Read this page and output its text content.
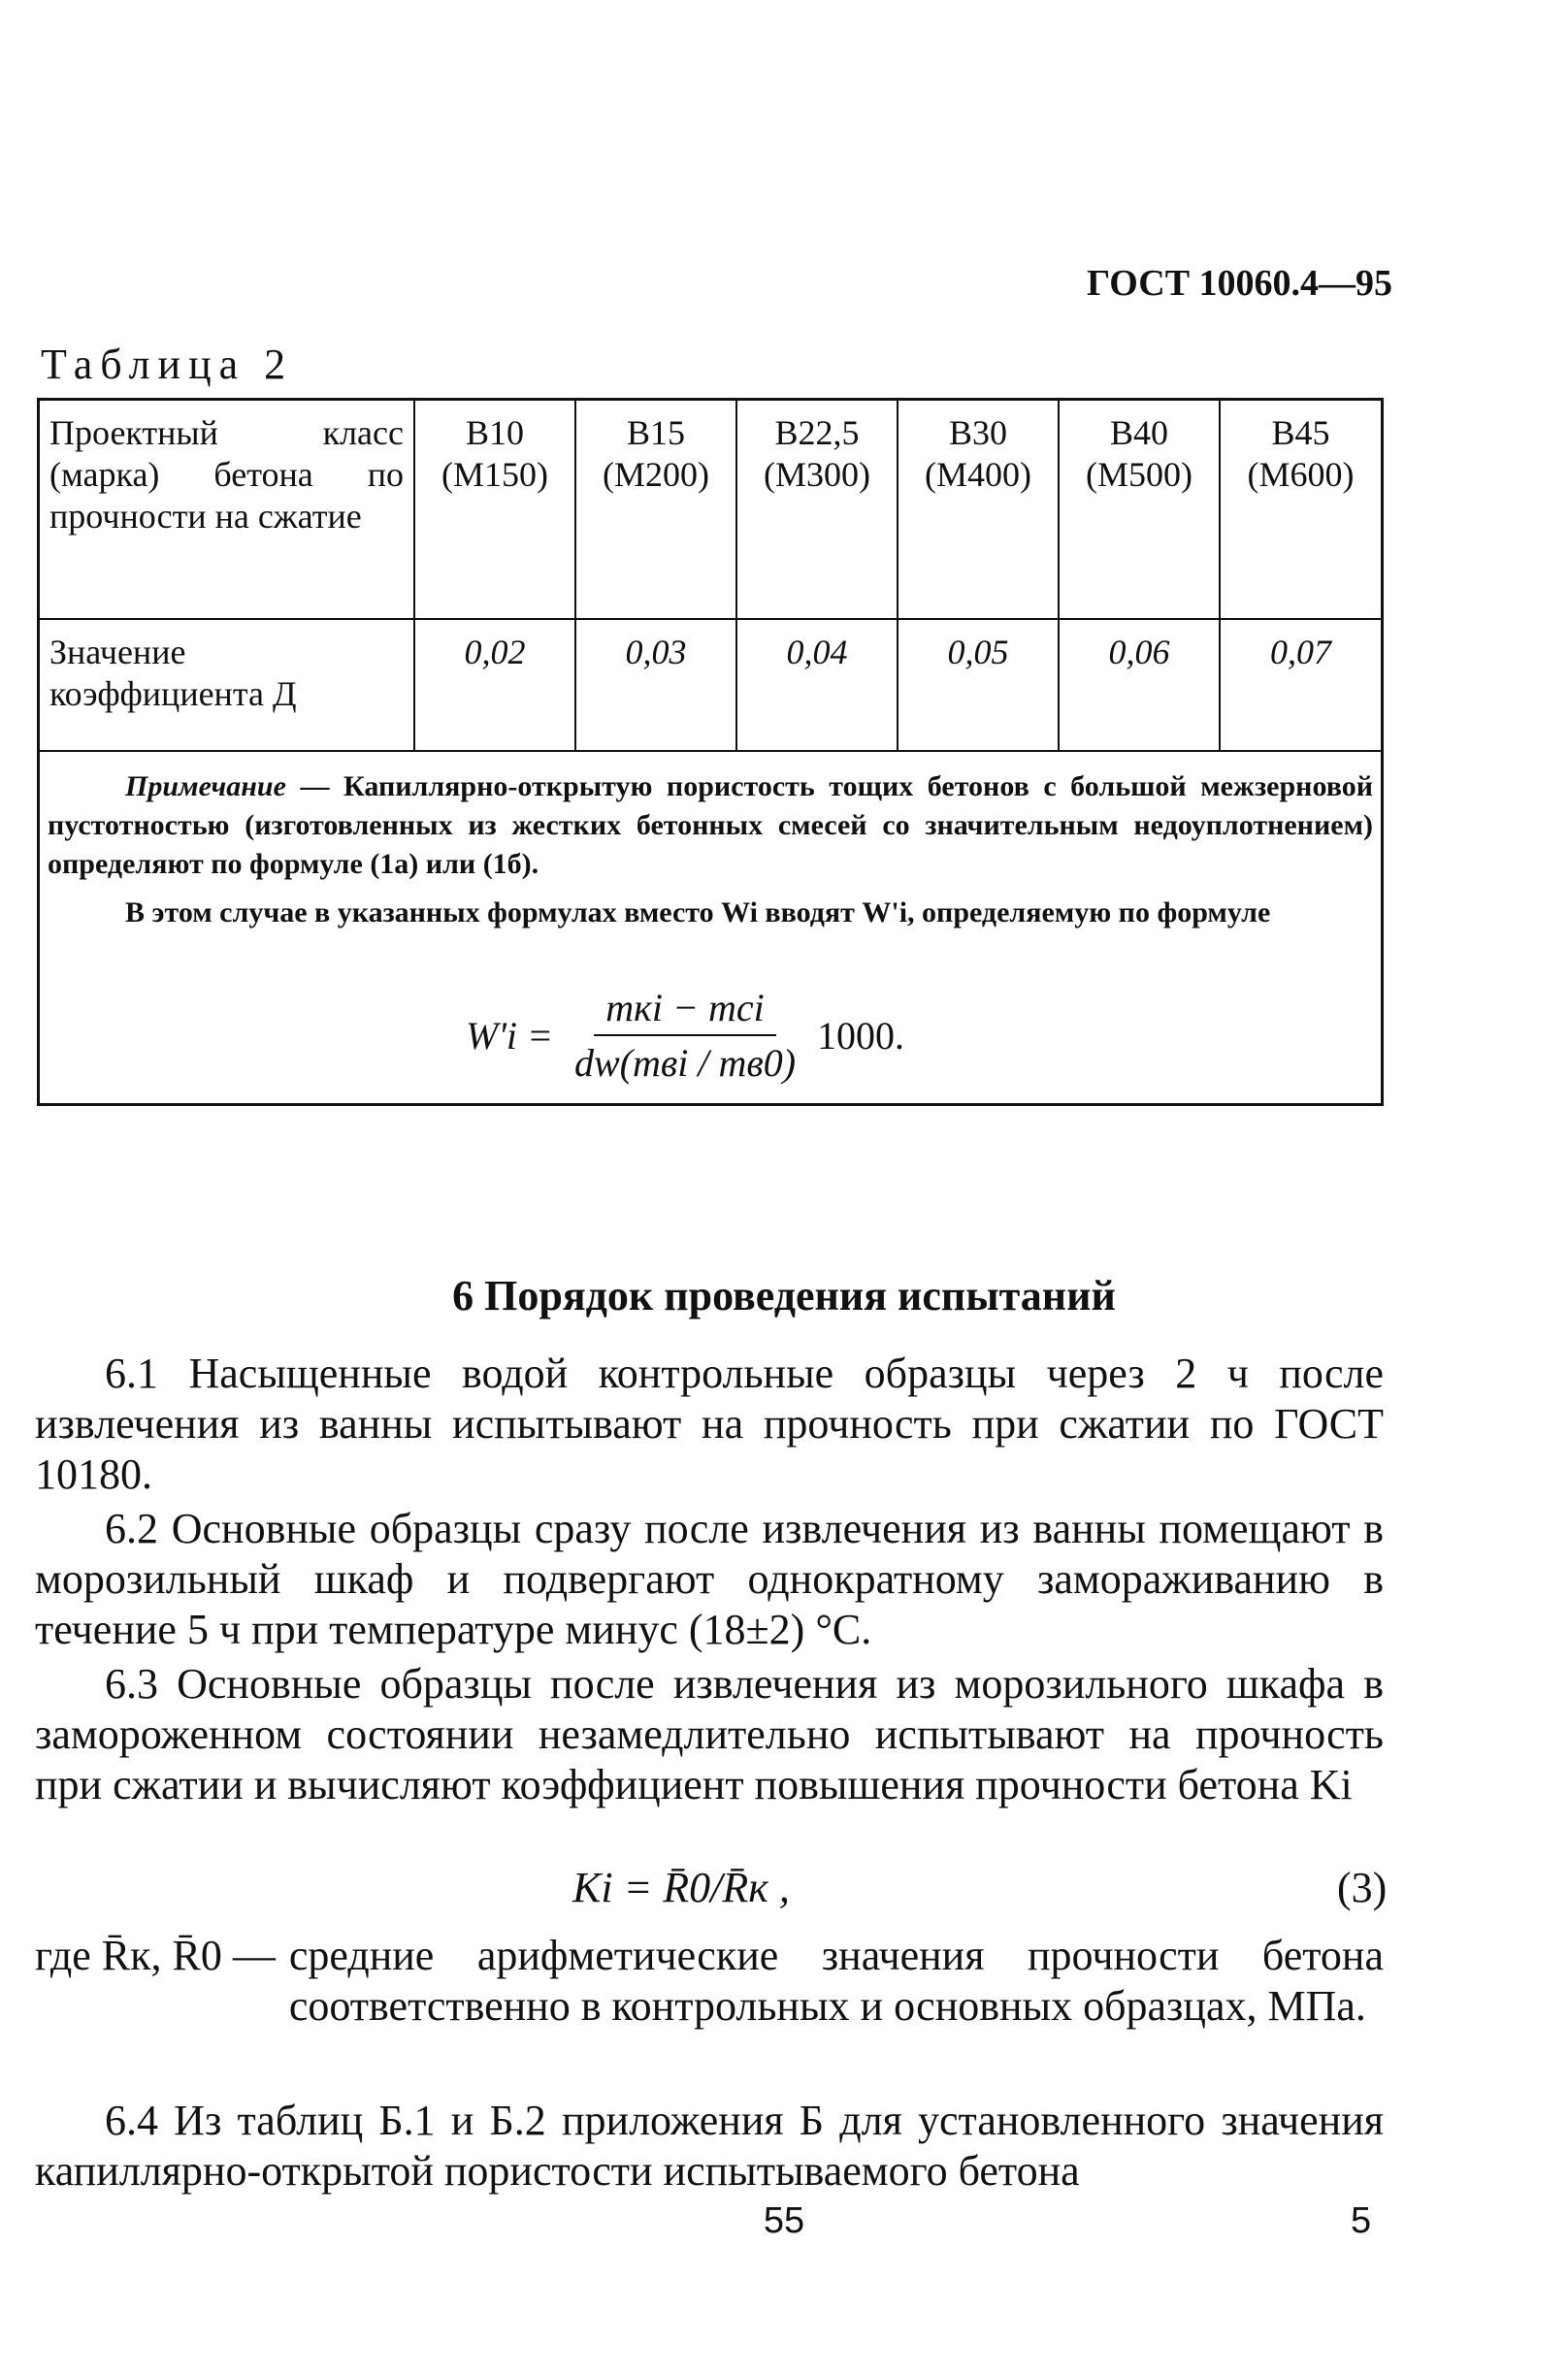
ГОСТ 10060.4—95
Таблица 2
Проектный класс (марка) бетона по прочности на сжатие	B10 (M150)	B15 (M200)	B22,5 (M300)	B30 (M400)	B40 (M500)	B45 (M600)
Значение коэффициента Д	0,02	0,03	0,04	0,05	0,06	0,07

Примечание — Капиллярно-открытую пористость тощих бетонов с большой межзерновой пустотностью (изготовленных из жестких бетонных смесей со значительным недоуплотнением) определяют по формуле (1а) или (1б).

В этом случае в указанных формулах вместо Wi вводят W'i, определяемую по формуле

$W'i = \frac{\text{mкi − mсi}}{\text{dw(mвi / mв0)}} 1000$.
6 Порядок проведения испытаний

6.1 Насыщенные водой контрольные образцы через 2 ч после извлечения из ванны испытывают на прочность при сжатии по ГОСТ 10180.

6.2 Основные образцы сразу после извлечения из ванны помещают в морозильный шкаф и подвергают однократному замораживанию в течение 5 ч при температуре минус (18±2) °С.

6.3 Основные образцы после извлечения из морозильного шкафа в замороженном состоянии незамедлительно испытывают на прочность при сжатии и вычисляют коэффициент повышения прочности бетона Ki

Ki = R̄0/R̄к ,	(3)
где R̄к, R̄0 — средние арифметические значения прочности бетона соответственно в контрольных и основных образцах, МПа.

6.4 Из таблиц Б.1 и Б.2 приложения Б для установленного значения капиллярно-открытой пористости испытываемого бетона

55	5
